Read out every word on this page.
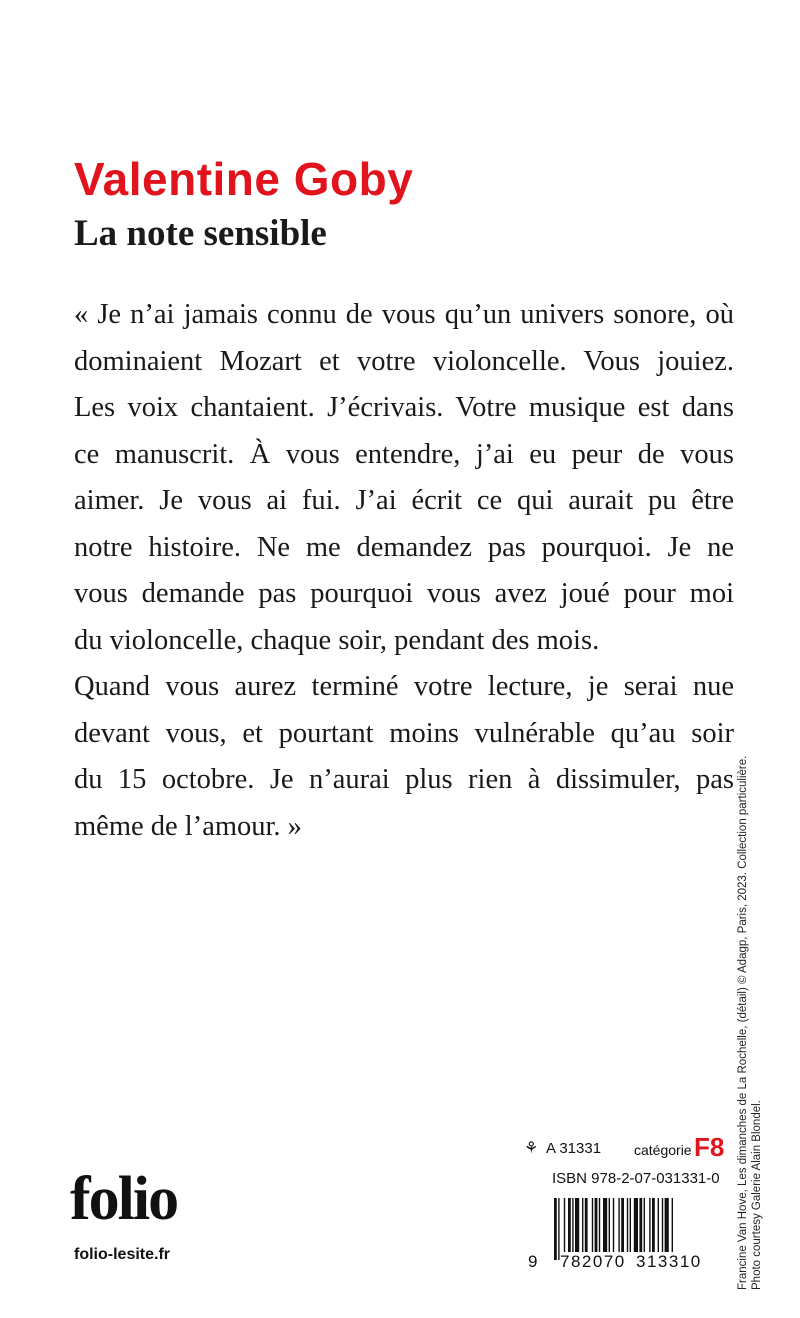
Valentine Goby
La note sensible
« Je n’ai jamais connu de vous qu’un univers sonore, où
dominaient Mozart et votre violoncelle. Vous jouiez.
Les voix chantaient. J’écrivais. Votre musique est dans
ce manuscrit. À vous entendre, j’ai eu peur de vous
aimer. Je vous ai fui. J’ai écrit ce qui aurait pu être
notre histoire. Ne me demandez pas pourquoi. Je ne
vous demande pas pourquoi vous avez joué pour moi
du violoncelle, chaque soir, pendant des mois.
Quand vous aurez terminé votre lecture, je serai nue
devant vous, et pourtant moins vulnérable qu’au soir
du 15 octobre. Je n’aurai plus rien à dissimuler, pas
même de l’amour. »
folio
folio-lesite.fr
⚘ A 31331 catégorie F8
ISBN 978-2-07-031331-0
9 782070 313310	Francine Van Hove, Les dimanches de La Rochelle, (détail) © Adagp, Paris, 2023. Collection particulière. Photo courtesy Galerie Alain Blondel.
